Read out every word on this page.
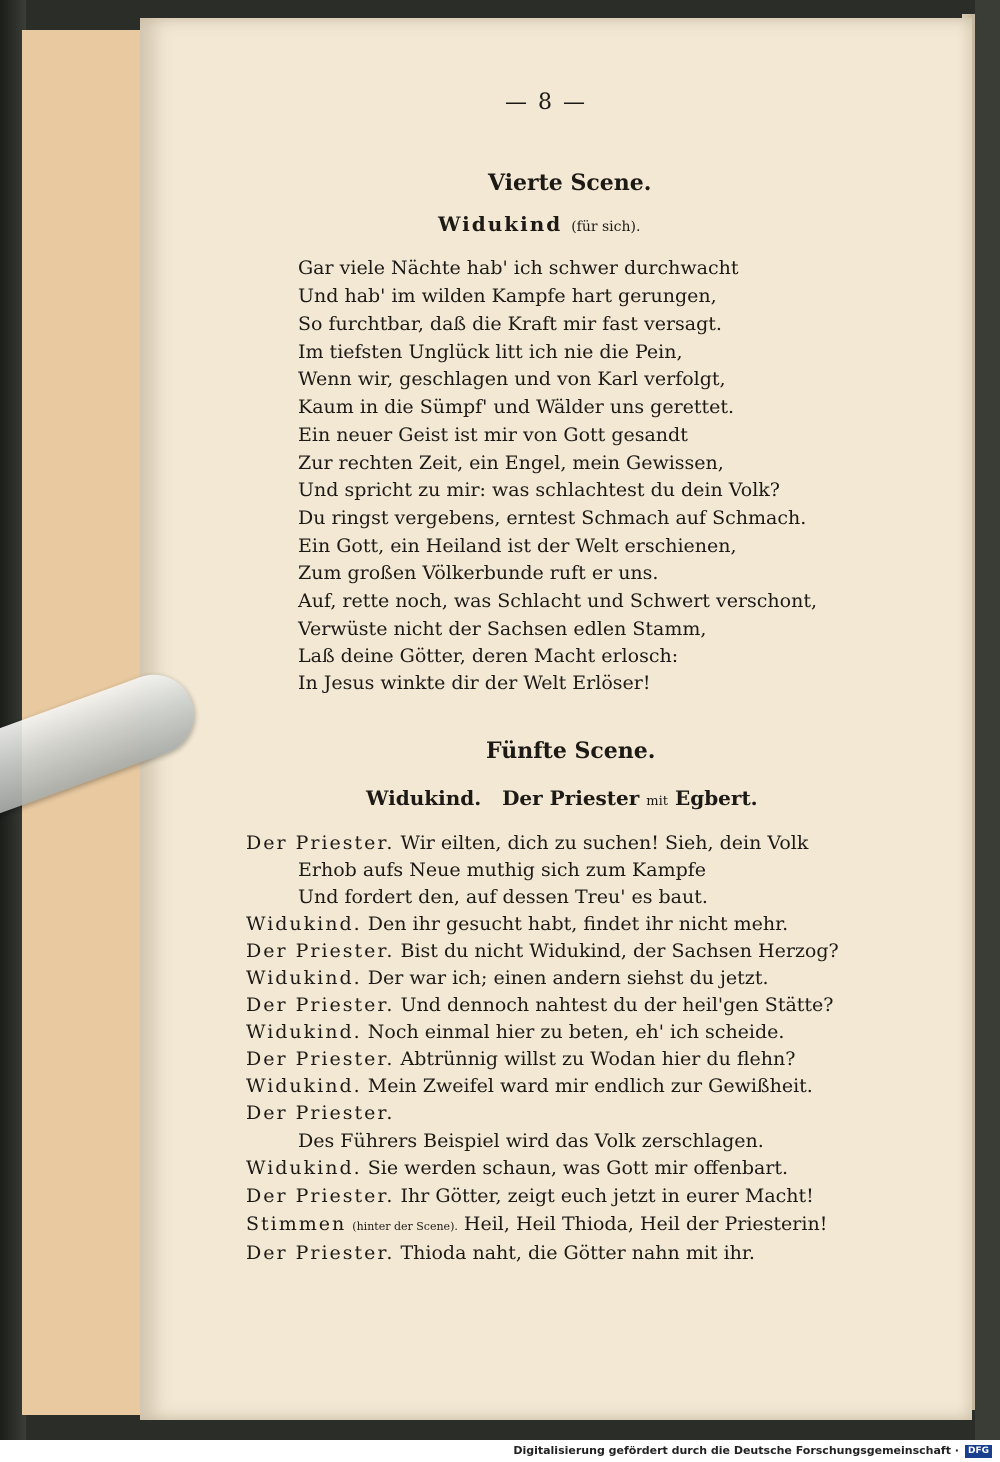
— 8 —
Vierte Scene.
Widukind (für sich).
Gar viele Nächte hab' ich schwer durchwacht
Und hab' im wilden Kampfe hart gerungen,
So furchtbar, daß die Kraft mir fast versagt.
Im tiefsten Unglück litt ich nie die Pein,
Wenn wir, geschlagen und von Karl verfolgt,
Kaum in die Sümpf' und Wälder uns gerettet.
Ein neuer Geist ist mir von Gott gesandt
Zur rechten Zeit, ein Engel, mein Gewissen,
Und spricht zu mir: was schlachtest du dein Volk?
Du ringst vergebens, erntest Schmach auf Schmach.
Ein Gott, ein Heiland ist der Welt erschienen,
Zum großen Völkerbunde ruft er uns.
Auf, rette noch, was Schlacht und Schwert verschont,
Verwüste nicht der Sachsen edlen Stamm,
Laß deine Götter, deren Macht erlosch:
In Jesus winkte dir der Welt Erlöser!
Fünfte Scene.
Widukind. Der Priester mit Egbert.
Der Priester. Wir eilten, dich zu suchen! Sieh, dein Volk
Erhob aufs Neue muthig sich zum Kampfe
Und fordert den, auf dessen Treu' es baut.
Widukind. Den ihr gesucht habt, findet ihr nicht mehr.
Der Priester. Bist du nicht Widukind, der Sachsen Herzog?
Widukind. Der war ich; einen andern siehst du jetzt.
Der Priester. Und dennoch nahtest du der heil'gen Stätte?
Widukind. Noch einmal hier zu beten, eh' ich scheide.
Der Priester. Abtrünnig willst zu Wodan hier du flehn?
Widukind. Mein Zweifel ward mir endlich zur Gewißheit.
Der Priester.
Des Führers Beispiel wird das Volk zerschlagen.
Widukind. Sie werden schaun, was Gott mir offenbart.
Der Priester. Ihr Götter, zeigt euch jetzt in eurer Macht!
Stimmen (hinter der Scene). Heil, Heil Thioda, Heil der Priesterin!
Der Priester. Thioda naht, die Götter nahn mit ihr.
Digitalisierung gefördert durch die Deutsche Forschungsgemeinschaft · DFG
